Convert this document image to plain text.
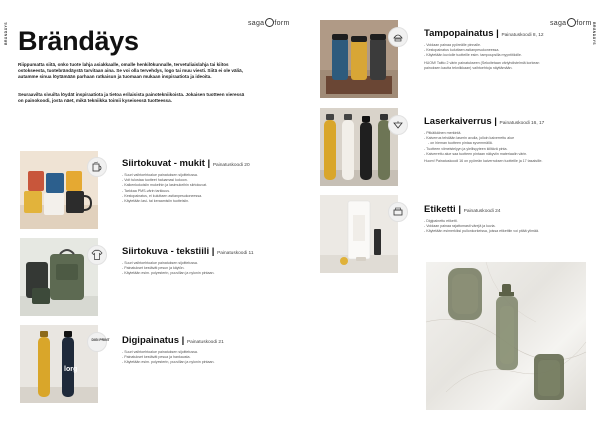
BRÄNDÄYS	saga form
Brändäys
Riippumatta siitä, onko tuote lahja asiakkaalle, omalle henkilökunnalle, tervetuliaislahja tai kiitos
ostokseesta, tuotebrändäystä tarvitaan aina. Se voi olla tervehdys, logo tai muu viesti. Siitä ei ole väliä,
autamme sinua löytämään parhaan ratkaisun ja tuomaan mukaan inspiraatiota ja ideoita.
Seuraavilta sivuilta löydät inspiraatiota ja tietoa erilaisista painotekniikoista. Jokaisen tuotteen vieressä
on painokoodi, josta näet, mikä tekniikka toimii kyseisessä tuotteessa.
Siirtokuvat - mukit | Painatuskoodi 20
- Suuri vaihtoehtoalue painatuksen sijoittelussa.
- Voit tulostaa tuotteet haluamasi kokoon.
- Kaikenkokoisiin mukeihin ja lasimukeihin siirtokuvat.
- Tarkkaa PMS-värin tarkkuus.
- Kestopainatus, ei kuluttaen astianpesukoneessa.
- Käytetään lasi- tai keraamisiin tuotteisiin.
Siirtokuva - tekstiili | Painatuskoodi 11
- Suuri vaihtoehtoalue painatuksen sijoittelussa.
- Painatukset kestävät pesun ja käytön.
- Käytetään esim. polyesterin, puuvillan ja nylonin pintaan.
lorg
DIGI PRINT Digipainatus | Painatuskoodi 21
- Suuri vaihtoehtoalue painatuksen sijoittelussa.
- Painatukset kestävät pesua ja hankausta.
- Käytetään esim. polyesterin, puuvillan ja nylonin pintaan.
BRÄNDÄYS
saga form
Tampopainatus | Painatuskoodi 8, 12
- Voidaan painaa pyöreälle pinnalle.
- Kestopainatus kuluttaen astianpesukoneessa.
- Käytetään kuviolle tuotteille esim. tampoupsilla myyntitiloille.

HUOM! Taitto 2 värin painatukseen (Sekoitetaan väriyhdistelmiä korkean

painoksen kautta tekniikkaan) vaihtoehtoja näyttämään.

Laserkaiverrus | Painatuskoodi 16, 17
- Pitkäikäinen merkintä.
- Kaiverrus tehdään laserin avulla, jolloin kaiverrettu alue
- on hieman tuotteen pintaa syvemmällä.
- Tuotteen viimeistelyyn ja ylellisyyteen kiiltävä pinta.
- Kaiverrettu alue saa tuotteen pintaan näkyviin materiaalin värin.

Huom! Painatuskoodi 16 on pyöreän kaiverruksen tuotteille ja 17 tasaisille.

Etiketti | Painatuskoodi 24
- Digipainettu etiketti.
- Voidaan painaa rajattomasti värejä ja kuvia.
- Käytetään esimerkiksi pullonkorkeissa, joissa etikettiin voi pitää ylimää.
